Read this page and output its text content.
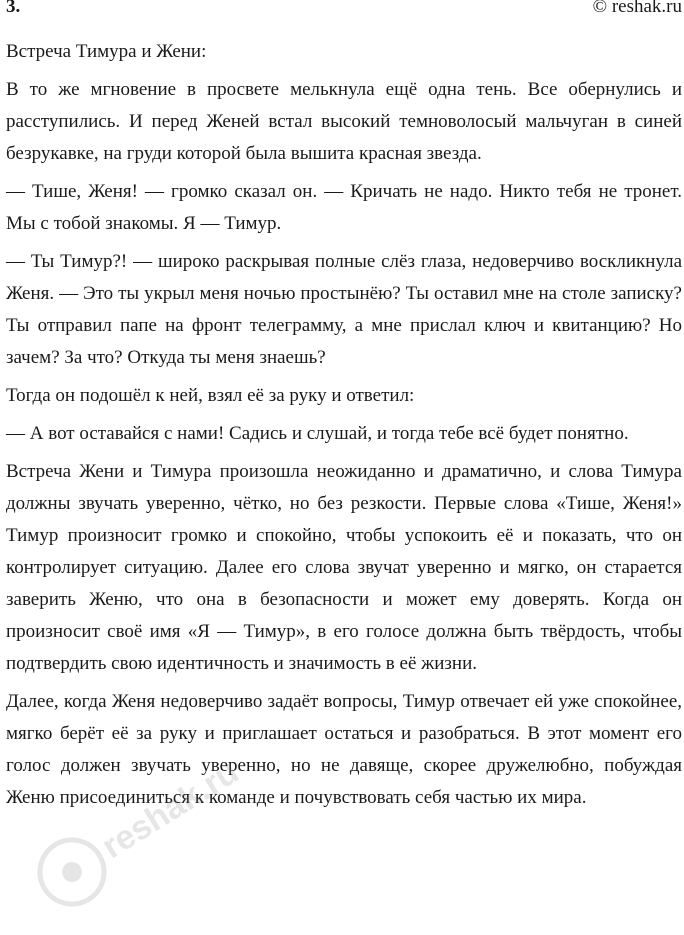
3.	© reshak.ru
Встреча Тимура и Жени:

В то же мгновение в просвете мелькнула ещё одна тень. Все обернулись и расступились. И перед Женей встал высокий темноволосый мальчуган в синей безрукавке, на груди которой была вышита красная звезда.

— Тише, Женя! — громко сказал он. — Кричать не надо. Никто тебя не тронет. Мы с тобой знакомы. Я — Тимур.

— Ты Тимур?! — широко раскрывая полные слёз глаза, недоверчиво воскликнула Женя. — Это ты укрыл меня ночью простынёю? Ты оставил мне на столе записку? Ты отправил папе на фронт телеграмму, а мне прислал ключ и квитанцию? Но зачем? За что? Откуда ты меня знаешь?

Тогда он подошёл к ней, взял её за руку и ответил:

— А вот оставайся с нами! Садись и слушай, и тогда тебе всё будет понятно.

Встреча Жени и Тимура произошла неожиданно и драматично, и слова Тимура должны звучать уверенно, чётко, но без резкости. Первые слова «Тише, Женя!» Тимур произносит громко и спокойно, чтобы успокоить её и показать, что он контролирует ситуацию. Далее его слова звучат уверенно и мягко, он старается заверить Женю, что она в безопасности и может ему доверять. Когда он произносит своё имя «Я — Тимур», в его голосе должна быть твёрдость, чтобы подтвердить свою идентичность и значимость в её жизни.

Далее, когда Женя недоверчиво задаёт вопросы, Тимур отвечает ей уже спокойнее, мягко берёт её за руку и приглашает остаться и разобраться. В этот момент его голос должен звучать уверенно, но не давяще, скорее дружелюбно, побуждая Женю присоединиться к команде и почувствовать себя частью их мира.

reshak.ru
